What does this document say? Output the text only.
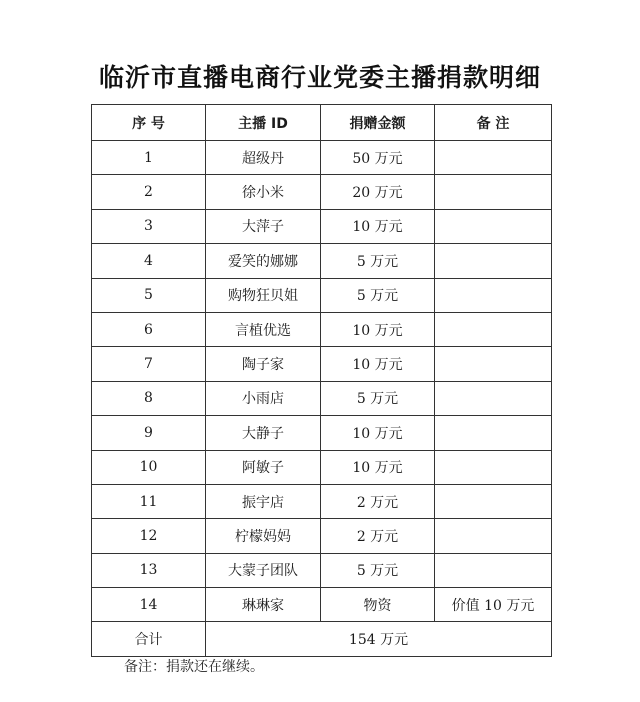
临沂市直播电商行业党委主播捐款明细
序 号	主播 ID	捐赠金额	备 注
1	超级丹	50 万元	
2	徐小米	20 万元	
3	大萍子	10 万元	
4	爱笑的娜娜	5 万元	
5	购物狂贝姐	5 万元	
6	言植优选	10 万元	
7	陶子家	10 万元	
8	小雨店	5 万元	
9	大静子	10 万元	
10	阿敏子	10 万元	
11	振宇店	2 万元	
12	柠檬妈妈	2 万元	
13	大蒙子团队	5 万元	
14	琳琳家	物资	价值 10 万元
合计	154 万元		
备注：捐款还在继续。
